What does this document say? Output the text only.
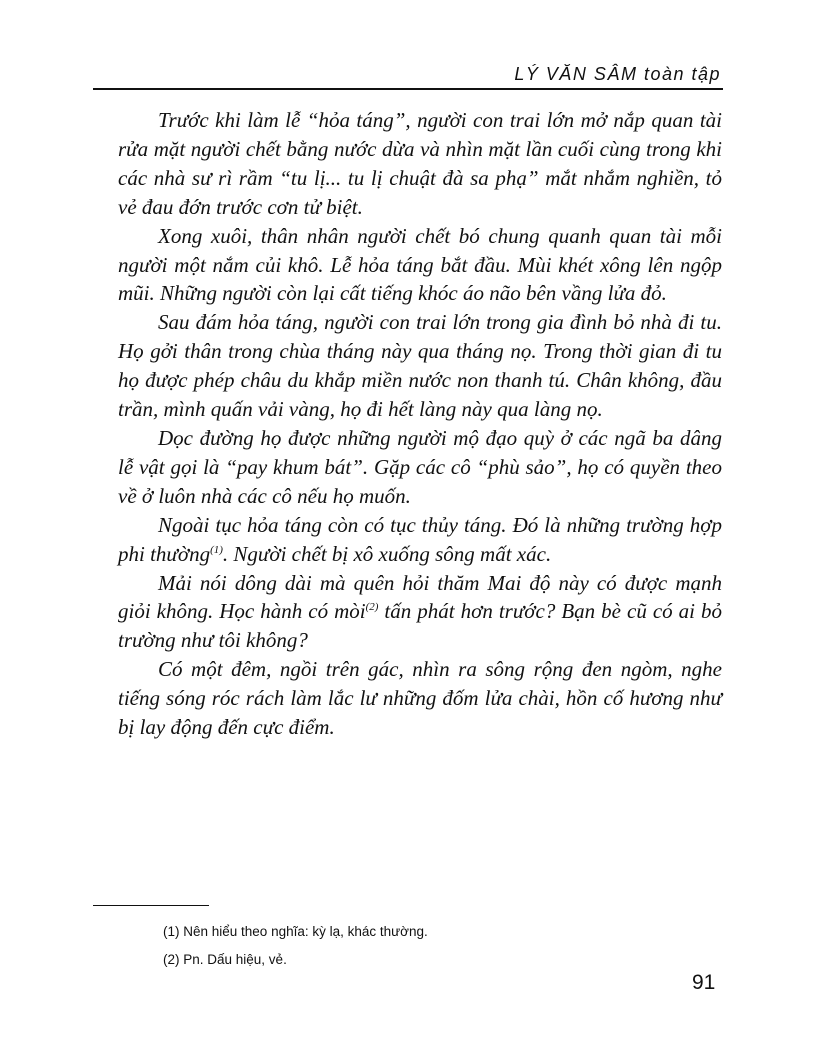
LÝ VĂN SÂM toàn tập

Trước khi làm lễ “hỏa táng”, người con trai lớn mở nắp quan tài rửa mặt người chết bằng nước dừa và nhìn mặt lần cuối cùng trong khi các nhà sư rì rầm “tu lị... tu lị chuật đà sa phạ” mắt nhắm nghiền, tỏ vẻ đau đớn trước cơn tử biệt.

Xong xuôi, thân nhân người chết bó chung quanh quan tài mỗi người một nắm củi khô. Lễ hỏa táng bắt đầu. Mùi khét xông lên ngộp mũi. Những người còn lại cất tiếng khóc áo não bên vầng lửa đỏ.

Sau đám hỏa táng, người con trai lớn trong gia đình bỏ nhà đi tu. Họ gởi thân trong chùa tháng này qua tháng nọ. Trong thời gian đi tu họ được phép châu du khắp miền nước non thanh tú. Chân không, đầu trần, mình quấn vải vàng, họ đi hết làng này qua làng nọ.

Dọc đường họ được những người mộ đạo quỳ ở các ngã ba dâng lễ vật gọi là “pay khum bát”. Gặp các cô “phù sảo”, họ có quyền theo về ở luôn nhà các cô nếu họ muốn.

Ngoài tục hỏa táng còn có tục thủy táng. Đó là những trường hợp phi thường$^{(1)}$. Người chết bị xô xuống sông mất xác.

Mải nói dông dài mà quên hỏi thăm Mai độ này có được mạnh giỏi không. Học hành có mòi$^{(2)}$ tấn phát hơn trước? Bạn bè cũ có ai bỏ trường như tôi không?

Có một đêm, ngồi trên gác, nhìn ra sông rộng đen ngòm, nghe tiếng sóng róc rách làm lắc lư những đốm lửa chài, hồn cố hương như bị lay động đến cực điểm.

(1) Nên hiểu theo nghĩa: kỳ lạ, khác thường.

(2) Pn. Dấu hiệu, vẻ.

91
